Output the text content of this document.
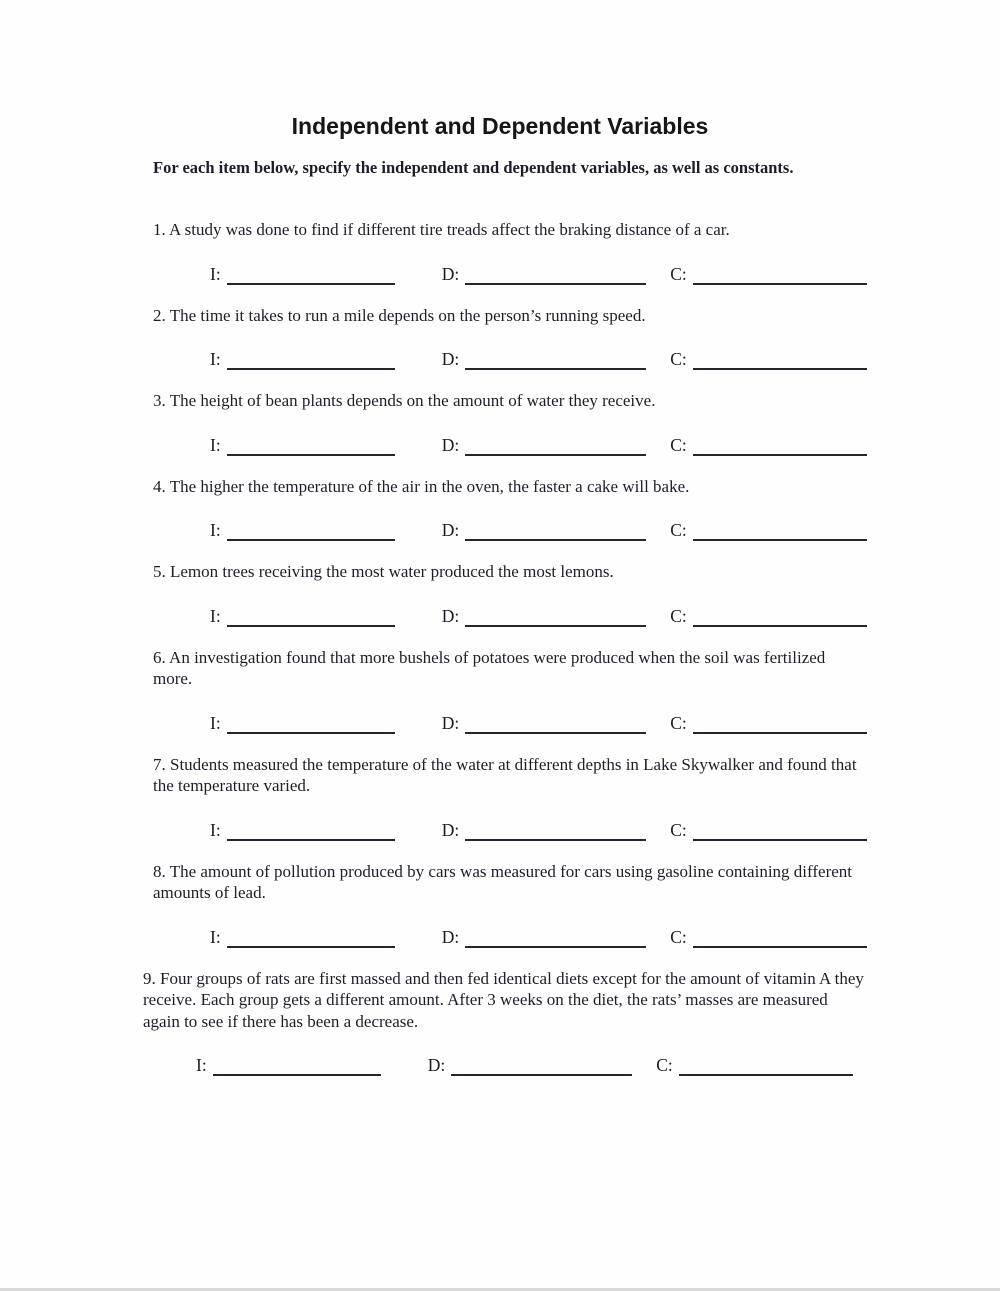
Independent and Dependent Variables

For each item below, specify the independent and dependent variables, as well as constants.

1. A study was done to find if different tire treads affect the braking distance of a car.

I:	D:	C:

2. The time it takes to run a mile depends on the person’s running speed.

I:	D:	C:

3. The height of bean plants depends on the amount of water they receive.

I:	D:	C:

4. The higher the temperature of the air in the oven, the faster a cake will bake.

I:	D:	C:

5. Lemon trees receiving the most water produced the most lemons.

I:	D:	C:

6. An investigation found that more bushels of potatoes were produced when the soil was fertilized more.

I:	D:	C:

7. Students measured the temperature of the water at different depths in Lake Skywalker and found that the temperature varied.

I:	D:	C:

8. The amount of pollution produced by cars was measured for cars using gasoline containing different amounts of lead.

I:	D:	C:

9. Four groups of rats are first massed and then fed identical diets except for the amount of vitamin A they receive. Each group gets a different amount. After 3 weeks on the diet, the rats’ masses are measured again to see if there has been a decrease.

I:	D:	C:
